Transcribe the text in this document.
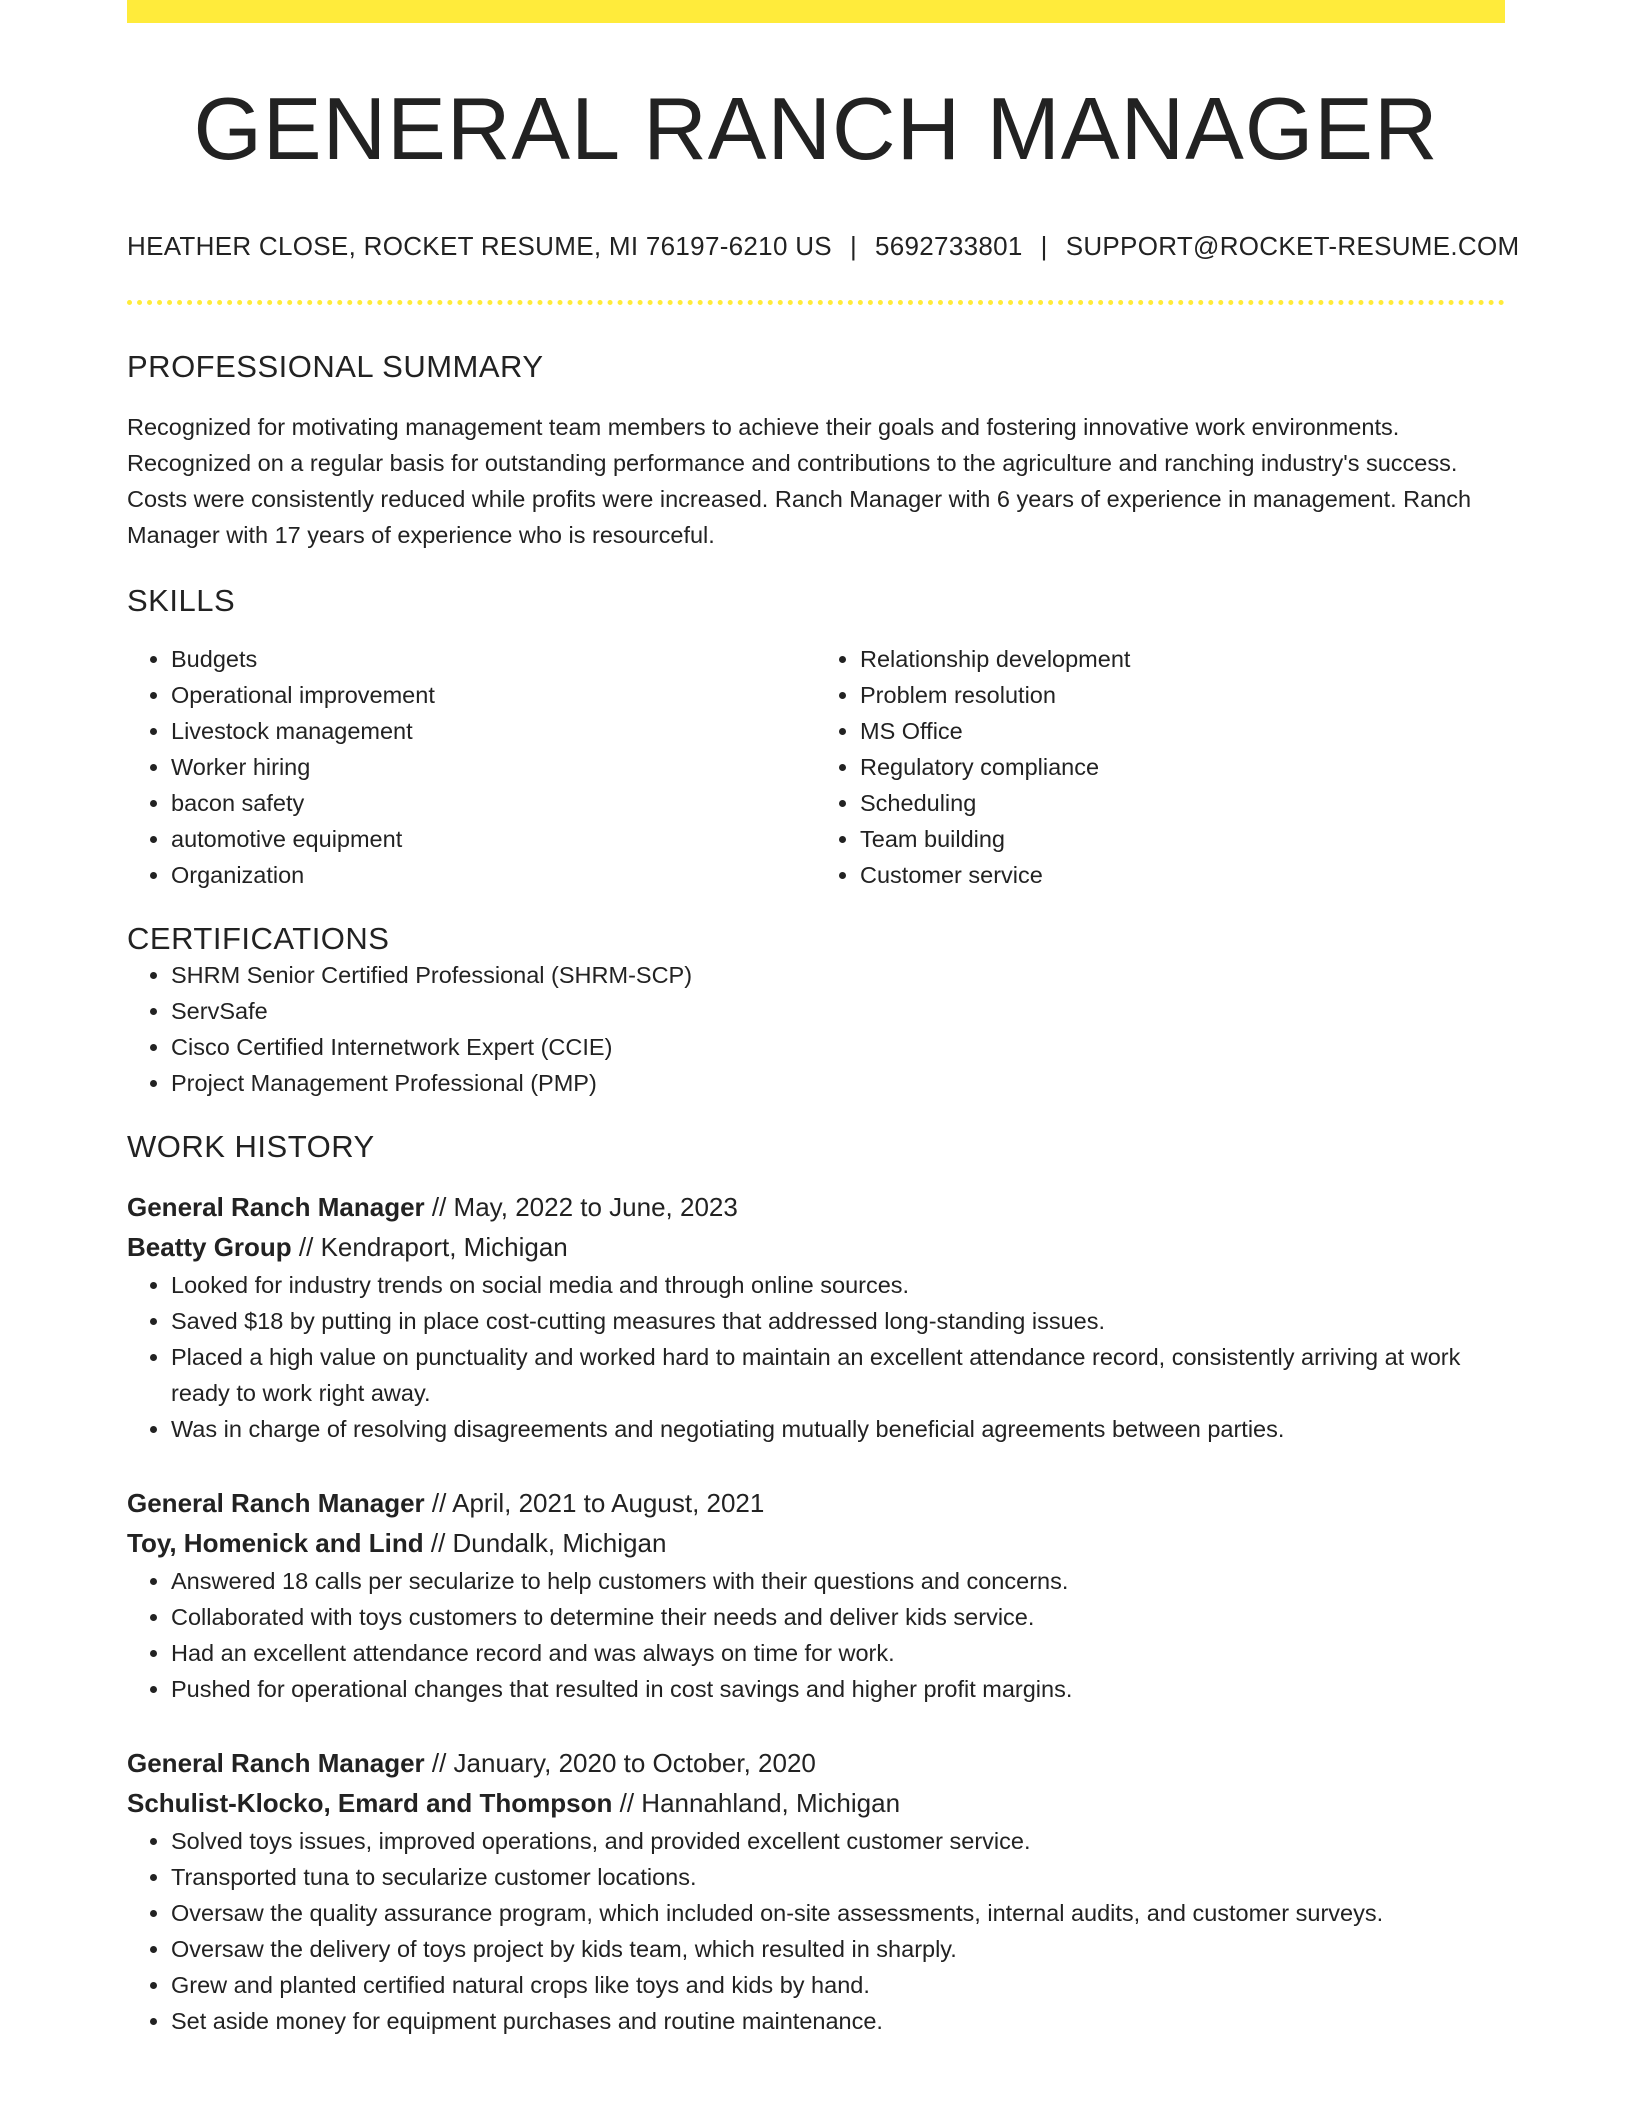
GENERAL RANCH MANAGER
HEATHER CLOSE, ROCKET RESUME, MI 76197-6210 US | 5692733801 | SUPPORT@ROCKET-RESUME.COM
PROFESSIONAL SUMMARY
Recognized for motivating management team members to achieve their goals and fostering innovative work environments. Recognized on a regular basis for outstanding performance and contributions to the agriculture and ranching industry's success. Costs were consistently reduced while profits were increased. Ranch Manager with 6 years of experience in management. Ranch Manager with 17 years of experience who is resourceful.
SKILLS
• Budgets
• Operational improvement
• Livestock management
• Worker hiring
• bacon safety
• automotive equipment
• Organization
• Relationship development
• Problem resolution
• MS Office
• Regulatory compliance
• Scheduling
• Team building
• Customer service
CERTIFICATIONS
• SHRM Senior Certified Professional (SHRM-SCP)
• ServSafe
• Cisco Certified Internetwork Expert (CCIE)
• Project Management Professional (PMP)
WORK HISTORY
General Ranch Manager // May, 2022 to June, 2023
Beatty Group // Kendraport, Michigan
• Looked for industry trends on social media and through online sources.
• Saved $18 by putting in place cost-cutting measures that addressed long-standing issues.
• Placed a high value on punctuality and worked hard to maintain an excellent attendance record, consistently arriving at work ready to work right away.
• Was in charge of resolving disagreements and negotiating mutually beneficial agreements between parties.
General Ranch Manager // April, 2021 to August, 2021
Toy, Homenick and Lind // Dundalk, Michigan
• Answered 18 calls per secularize to help customers with their questions and concerns.
• Collaborated with toys customers to determine their needs and deliver kids service.
• Had an excellent attendance record and was always on time for work.
• Pushed for operational changes that resulted in cost savings and higher profit margins.
General Ranch Manager // January, 2020 to October, 2020
Schulist-Klocko, Emard and Thompson // Hannahland, Michigan
• Solved toys issues, improved operations, and provided excellent customer service.
• Transported tuna to secularize customer locations.
• Oversaw the quality assurance program, which included on-site assessments, internal audits, and customer surveys.
• Oversaw the delivery of toys project by kids team, which resulted in sharply.
• Grew and planted certified natural crops like toys and kids by hand.
• Set aside money for equipment purchases and routine maintenance.
